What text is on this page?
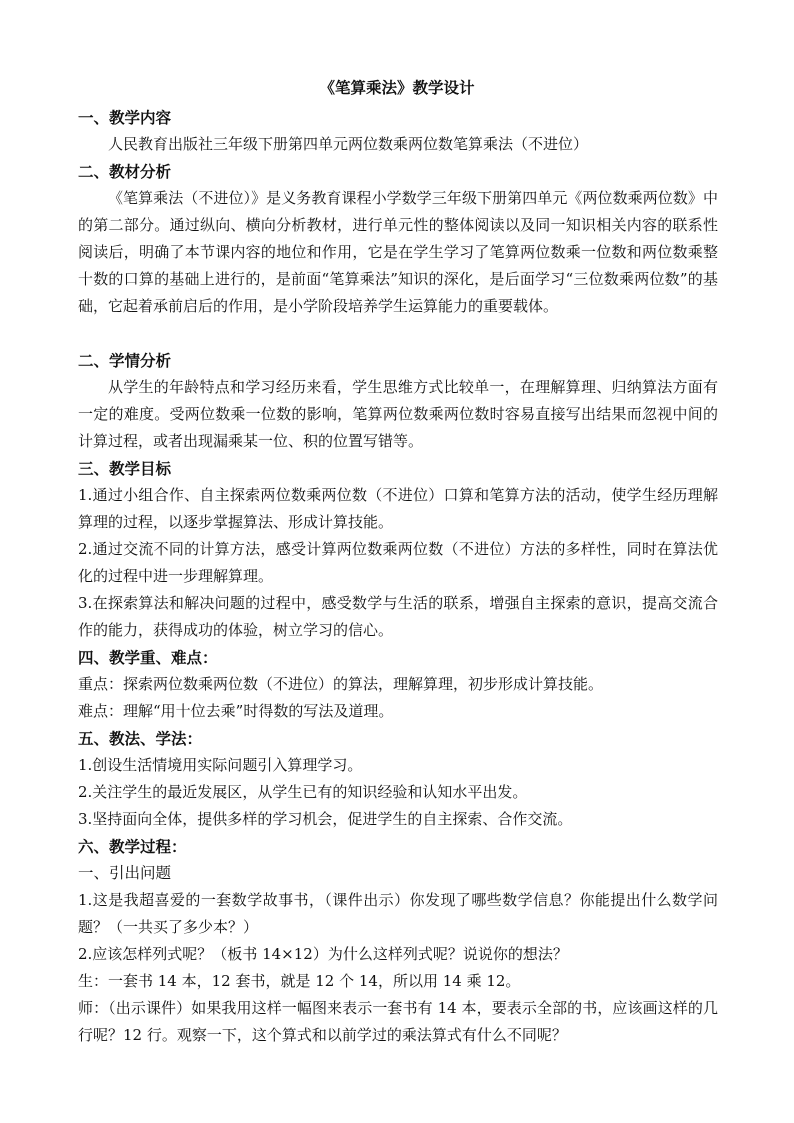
《笔算乘法》教学设计
一、教学内容
人民教育出版社三年级下册第四单元两位数乘两位数笔算乘法（不进位）
二、教材分析
《笔算乘法（不进位）》是义务教育课程小学数学三年级下册第四单元《两位数乘两位数》中的第二部分。通过纵向、横向分析教材，进行单元性的整体阅读以及同一知识相关内容的联系性阅读后，明确了本节课内容的地位和作用，它是在学生学习了笔算两位数乘一位数和两位数乘整十数的口算的基础上进行的，是前面“笔算乘法”知识的深化，是后面学习“三位数乘两位数”的基础，它起着承前启后的作用，是小学阶段培养学生运算能力的重要载体。
二、学情分析
从学生的年龄特点和学习经历来看，学生思维方式比较单一，在理解算理、归纳算法方面有一定的难度。受两位数乘一位数的影响，笔算两位数乘两位数时容易直接写出结果而忽视中间的计算过程，或者出现漏乘某一位、积的位置写错等。
三、教学目标

1.通过小组合作、自主探索两位数乘两位数（不进位）口算和笔算方法的活动，使学生经历理解算理的过程，以逐步掌握算法、形成计算技能。

2.通过交流不同的计算方法，感受计算两位数乘两位数（不进位）方法的多样性，同时在算法优化的过程中进一步理解算理。

3.在探索算法和解决问题的过程中，感受数学与生活的联系，增强自主探索的意识，提高交流合作的能力，获得成功的体验，树立学习的信心。

四、教学重、难点：

重点：探索两位数乘两位数（不进位）的算法，理解算理，初步形成计算技能。

难点：理解“用十位去乘”时得数的写法及道理。

五、教法、学法：

1.创设生活情境用实际问题引入算理学习。

2.关注学生的最近发展区，从学生已有的知识经验和认知水平出发。

3.坚持面向全体，提供多样的学习机会，促进学生的自主探索、合作交流。

六、教学过程：
一、引出问题

1.这是我超喜爱的一套数学故事书，（课件出示）你发现了哪些数学信息？你能提出什么数学问题？（一共买了多少本？）

2.应该怎样列式呢？（板书 14×12）为什么这样列式呢？说说你的想法？

生：一套书 14 本，12 套书，就是 12 个 14，所以用 14 乘 12。

师：（出示课件）如果我用这样一幅图来表示一套书有 14 本，要表示全部的书，应该画这样的几行呢？12 行。观察一下，这个算式和以前学过的乘法算式有什么不同呢？
